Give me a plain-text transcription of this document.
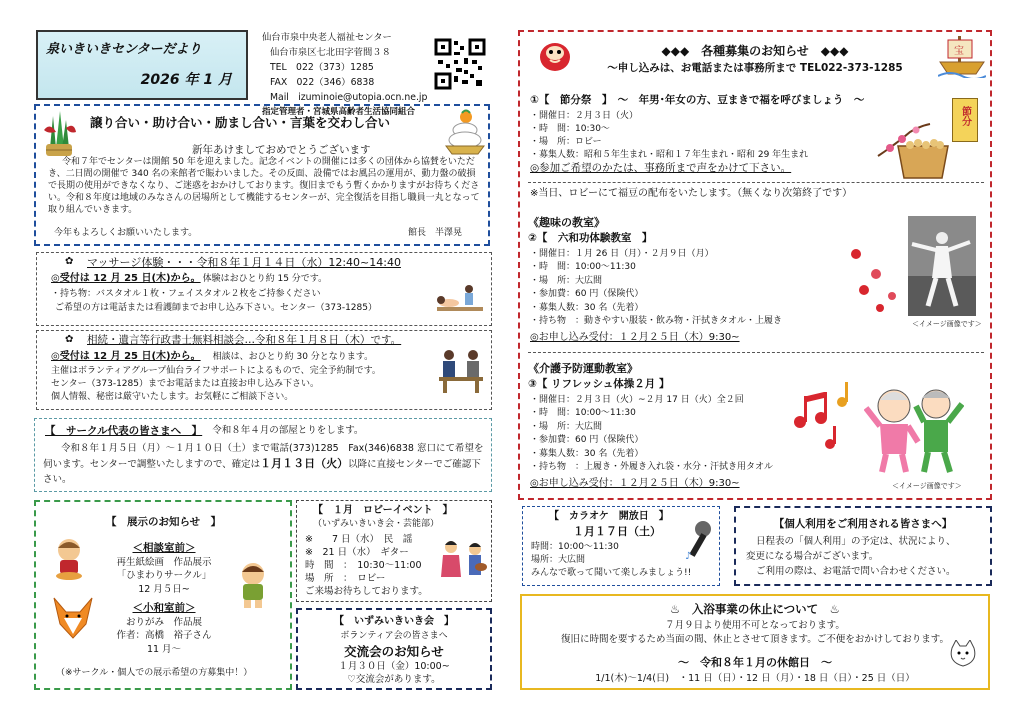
泉いきいきセンターだより
2026 年 1 月
仙台市泉中央老人福祉センター
仙台市泉区七北田字菅間３８
TEL　022（373）1285
FAX　022（346）6838
Mail　izuminoie@utopia.ocn.ne.jp
指定管理者・宮城県高齢者生活協同組合
譲り合い・助け合い・励まし合い・言葉を交わし合い
新年あけましておめでとうございます
令和７年でセンターは開館 50 年を迎えました。記念イベントの開催には多くの団体から協賛をいただき、二日間の開催で 340 名の来館者で賑わいました。その反面、設備ではお風呂の運用が、動力盤の破損で長期の使用ができなくなり、ご迷惑をおかけしております。復旧までもう暫くかかりますがお待ちください。令和８年度は地域のみなさんの居場所として機能するセンターが、完全復活を目指し職員一丸となって取り組んでいきます。
今年もよろしくお願いいたします。	館長　半澤晃
✿ マッサージ体験・・・令和８年１月１４日（水）12:40~14:40
◎受付は 12 月 25 日(木)から。 体験はおひとり約 15 分です。
・持ち物：バスタオル１枚・フェイスタオル２枚をご持参ください
ご希望の方は電話または看護師までお申し込み下さい。センター（373-1285）
✿ 相続・遺言等行政書士無料相談会…令和８年１月８日（木）です。
◎受付は 12 月 25 日(木)から。 相談は、おひとり約 30 分となります。
主催はボランティアグループ仙台ライフサポートによるもので、完全予約制です。
センター（373-1285）までお電話または直接お申し込み下さい。
個人情報、秘密は厳守いたします。お気軽にご相談下さい。
【　サークル代表の皆さまへ　】 令和８年４月の部屋とりをします。
令和８年１月５日（月）～１月１０日（土）まで電話(373)1285　Fax(346)6838 窓口にて希望を伺います。センターで調整いたしますので、確定は１月１３日（火）以降に直接センターでご確認下さい。
【　展示のお知らせ　】
＜相談室前＞
再生紙絵画　作品展示
「ひまわりサークル」
12 月５日~
＜小和室前＞
おりがみ　作品展
作者：高橋　裕子さん
11 月～
（※サークル・個人での展示希望の方募集中！）
【　１月　ロビーイベント　】
（いずみいきいき会・芸能部）
※　　7 日（水）　民　謡
※　21 日（水）　ギター
時　間　：　10:30～11:00
場　所　：　ロビー
ご来場お待ちしております。
【　いずみいきいき会　】
ボランティア会の皆さまへ
交流会のお知らせ
１月３０日（金）10:00~
♡交流会があります。
宝
◆◆◆　各種募集のお知らせ　◆◆◆
～申し込みは、お電話または事務所まで TEL022-373-1285
①【　節分祭　】　～　年男･年女の方、豆まきで福を呼びましょう　～
・開催日：２月３日（火）
・時　間：10:30～
・場　所：ロビー
・募集人数：昭和５年生まれ・昭和１７年生まれ・昭和 29 年生まれ
◎参加ご希望のかたは、事務所まで声をかけて下さい。
※当日、ロビーにて福豆の配布をいたします。（無くなり次第終了です）
節分
《趣味の教室》
②【　六和功体験教室　】
・開催日：１月 26 日（月）・２月９日（月）
・時　間：10:00～11:30
・場　所：大広間
・参加費：60 円（保険代）
・募集人数：30 名（先着）
・持ち物　：動きやすい服装・飲み物・汗拭きタオル・上履き
◎お申し込み受付：１２月２５日（木）9:30~
＜イメージ画像です＞
《介護予防運動教室》
③【 リフレッシュ体操２月 】
・開催日：２月３日（火）~２月 17 日（火）全２回
・時　間：10:00～11:30
・場　所：大広間
・参加費：60 円（保険代）
・募集人数：30 名（先着）
・持ち物　：上履き・外履き入れ袋・水分・汗拭き用タオル
◎お申し込み受付：１２月２５日（木）9:30~	＜イメージ画像です＞
【　カラオケ　開放日　】
１月１７日（土）
時間：10:00～11:30
場所：大広間
みんなで歌って聞いて楽しみましょう!!
♪
【個人利用をご利用される皆さまへ】
日程表の「個人利用」の予定は、状況により、
変更になる場合がございます。
ご利用の際は、お電話で問い合わせください。
♨　入浴事業の休止について　♨
７月９日より使用不可となっております。
復旧に時間を要するため当面の間、休止とさせて頂きます。ご不便をおかけしております。
～　令和８年１月の休館日　～
1/1(木)～1/4(日)　・11 日（日）・12 日（月）・18 日（日）・25 日（日）
